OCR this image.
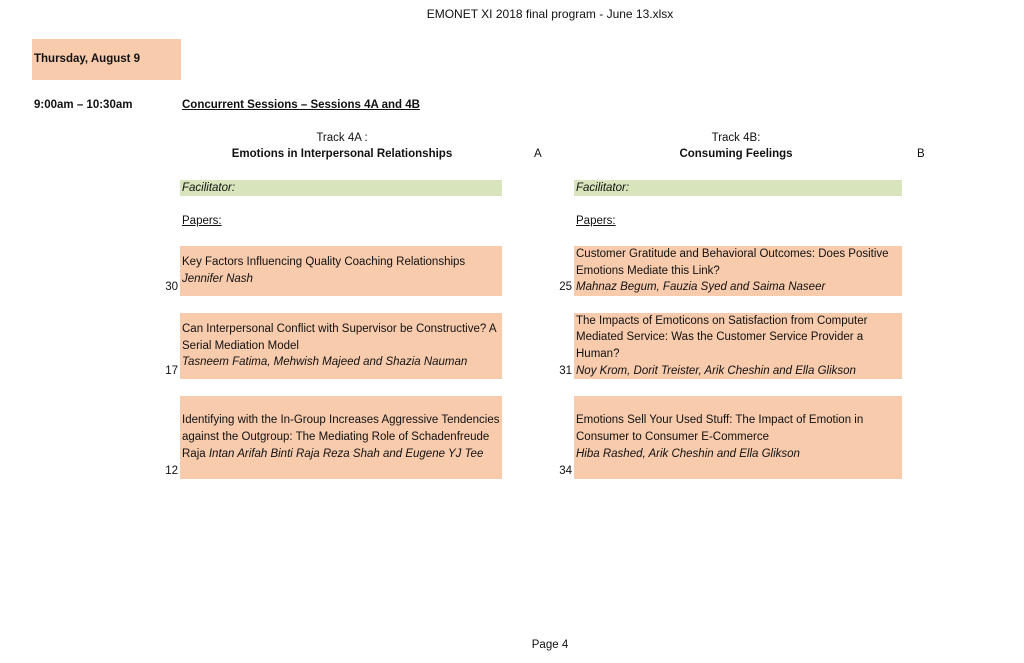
EMONET XI 2018 final program - June 13.xlsx
Thursday, August 9
9:00am – 10:30am	Concurrent Sessions – Sessions 4A and 4B
Track 4A :
Emotions in Interpersonal Relationships	A
Track 4B:
Consuming Feelings	B
Facilitator:	Facilitator:
Papers:	Papers:
Key Factors Influencing Quality Coaching Relationships
Jennifer Nash
30
Can Interpersonal Conflict with Supervisor be Constructive? A Serial Mediation Model
Tasneem Fatima, Mehwish Majeed and Shazia Nauman
17
Identifying with the In-Group Increases Aggressive Tendencies against the Outgroup: The Mediating Role of Schadenfreude
Raja Intan Arifah Binti Raja Reza Shah and Eugene YJ Tee
12
Customer Gratitude and Behavioral Outcomes: Does Positive Emotions Mediate this Link?
Mahnaz Begum, Fauzia Syed and Saima Naseer
25
The Impacts of Emoticons on Satisfaction from Computer Mediated Service: Was the Customer Service Provider a Human?
Noy Krom, Dorit Treister, Arik Cheshin and Ella Glikson
31
Emotions Sell Your Used Stuff: The Impact of Emotion in Consumer to Consumer E-Commerce
Hiba Rashed, Arik Cheshin and Ella Glikson
34
Page 4
